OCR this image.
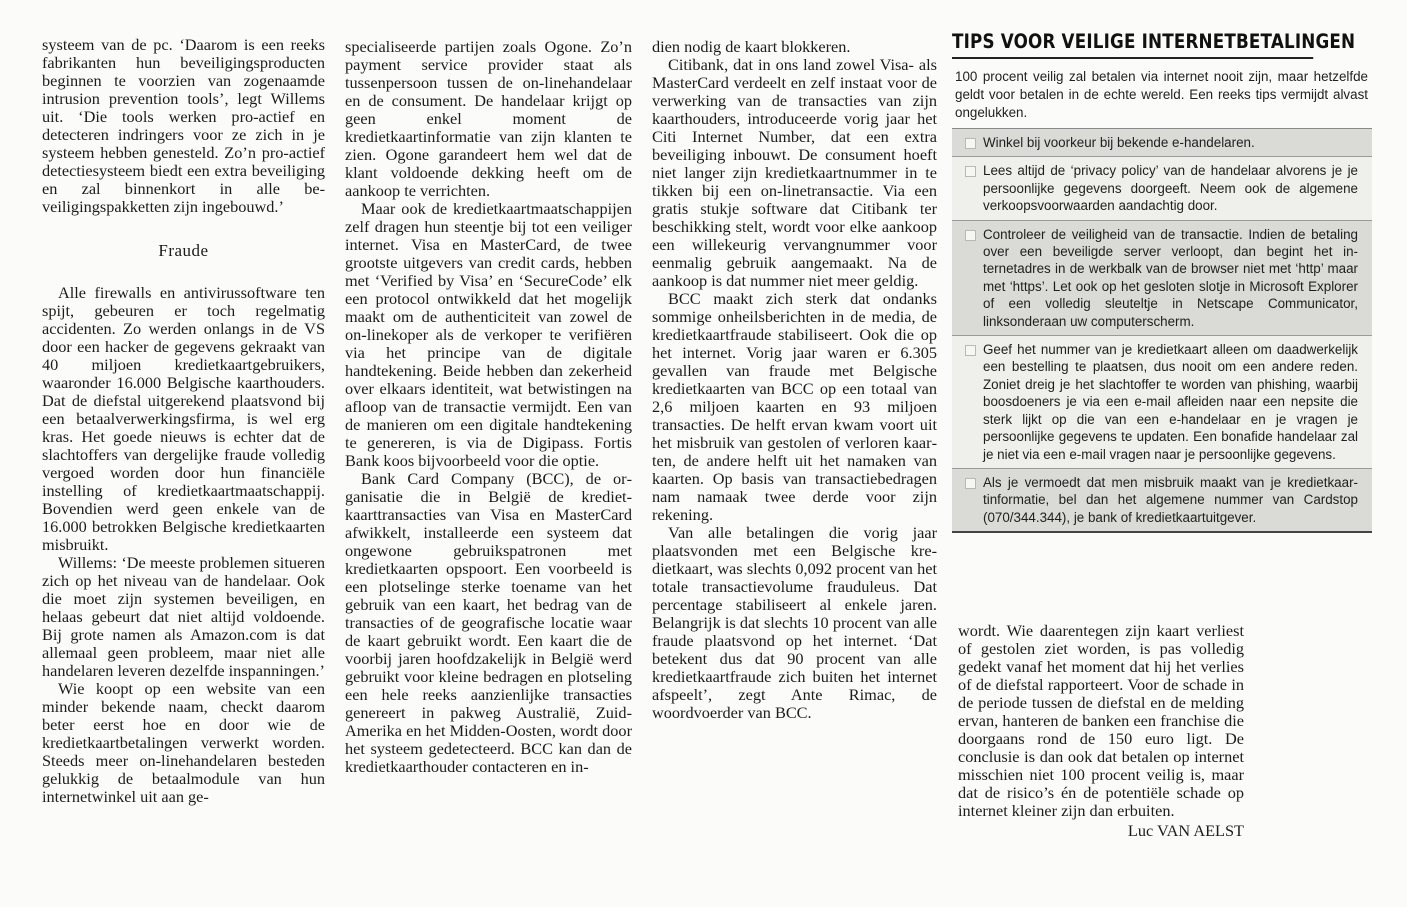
systeem van de pc. ‘Daarom is een reeks fabrikanten hun beveiligingsproducten beginnen te voorzien van zogenaamde intrusion prevention tools’, legt Willems uit. ‘Die tools werken pro-actief en detecteren indringers voor ze zich in je systeem hebben genesteld. Zo’n pro-actief detectiesysteem biedt een extra beveiliging en zal binnenkort in alle beveiligingspakketten zijn ingebouwd.’

Fraude

Alle firewalls en antivirussoftware ten spijt, gebeuren er toch regelmatig accidenten. Zo werden onlangs in de VS door een hacker de gegevens gekraakt van 40 miljoen kredietkaartgebruikers, waaronder 16.000 Belgische kaarthouders. Dat de diefstal uitgerekend plaatsvond bij een betaalverwerkingsfirma, is wel erg kras. Het goede nieuws is echter dat de slachtoffers van dergelijke fraude volledig vergoed worden door hun financiële instelling of kredietkaartmaatschappij. Bovendien werd geen enkele van de 16.000 betrokken Belgische kredietkaarten misbruikt.

Willems: ‘De meeste problemen situeren zich op het niveau van de handelaar. Ook die moet zijn systemen beveiligen, en helaas gebeurt dat niet altijd voldoende. Bij grote namen als Amazon.com is dat allemaal geen probleem, maar niet alle handelaren leveren dezelfde inspanningen.’

Wie koopt op een website van een minder bekende naam, checkt daarom beter eerst hoe en door wie de kredietkaartbetalingen verwerkt worden. Steeds meer on-linehandelaren besteden gelukkig de betaalmodule van hun internetwinkel uit aan ge-

specialiseerde partijen zoals Ogone. Zo’n payment service provider staat als tussenpersoon tussen de on-linehandelaar en de consument. De handelaar krijgt op geen enkel moment de kredietkaartinformatie van zijn klanten te zien. Ogone garandeert hem wel dat de klant voldoende dekking heeft om de aankoop te verrichten.

Maar ook de kredietkaartmaatschappijen zelf dragen hun steentje bij tot een veiliger internet. Visa en MasterCard, de twee grootste uitgevers van credit cards, hebben met ‘Verified by Visa’ en ‘SecureCode’ elk een protocol ontwikkeld dat het mogelijk maakt om de authenticiteit van zowel de on-linekoper als de verkoper te verifiëren via het principe van de digitale handtekening. Beide hebben dan zekerheid over elkaars identiteit, wat betwistingen na afloop van de transactie vermijdt. Een van de manieren om een digitale handtekening te genereren, is via de Digipass. Fortis Bank koos bijvoorbeeld voor die optie.

Bank Card Company (BCC), de organisatie die in België de kredietkaarttransacties van Visa en MasterCard afwikkelt, installeerde een systeem dat ongewone gebruikspatronen met kredietkaarten opspoort. Een voorbeeld is een plotselinge sterke toename van het gebruik van een kaart, het bedrag van de transacties of de geografische locatie waar de kaart gebruikt wordt. Een kaart die de voorbij jaren hoofdzakelijk in België werd gebruikt voor kleine bedragen en plotseling een hele reeks aanzienlijke transacties genereert in pakweg Australië, Zuid-Amerika en het Midden-Oosten, wordt door het systeem gedetecteerd. BCC kan dan de kredietkaarthouder contacteren en in-

dien nodig de kaart blokkeren.

Citibank, dat in ons land zowel Visa- als MasterCard verdeelt en zelf instaat voor de verwerking van de transacties van zijn kaarthouders, introduceerde vorig jaar het Citi Internet Number, dat een extra beveiliging inbouwt. De consument hoeft niet langer zijn kredietkaartnummer in te tikken bij een on-linetransactie. Via een gratis stukje software dat Citibank ter beschikking stelt, wordt voor elke aankoop een willekeurig vervangnummer voor eenmalig gebruik aangemaakt. Na de aankoop is dat nummer niet meer geldig.

BCC maakt zich sterk dat ondanks sommige onheilsberichten in de media, de kredietkaartfraude stabiliseert. Ook die op het internet. Vorig jaar waren er 6.305 gevallen van fraude met Belgische kredietkaarten van BCC op een totaal van 2,6 miljoen kaarten en 93 miljoen transacties. De helft ervan kwam voort uit het misbruik van gestolen of verloren kaarten, de andere helft uit het namaken van kaarten. Op basis van transactiebedragen nam namaak twee derde voor zijn rekening.

Van alle betalingen die vorig jaar plaatsvonden met een Belgische kredietkaart, was slechts 0,092 procent van het totale transactievolume frauduleus. Dat percentage stabiliseert al enkele jaren. Belangrijk is dat slechts 10 procent van alle fraude plaatsvond op het internet. ‘Dat betekent dus dat 90 procent van alle kredietkaartfraude zich buiten het internet afspeelt’, zegt Ante Rimac, de woordvoerder van BCC.

wordt. Wie daarentegen zijn kaart verliest of gestolen ziet worden, is pas volledig gedekt vanaf het moment dat hij het verlies of de diefstal rapporteert. Voor de schade in de periode tussen de diefstal en de melding ervan, hanteren de banken een franchise die doorgaans rond de 150 euro ligt. De conclusie is dan ook dat betalen op internet misschien niet 100 procent veilig is, maar dat de risico’s én de potentiële schade op internet kleiner zijn dan erbuiten.

Luc VAN AELST
TIPS VOOR VEILIGE INTERNETBETALINGEN
100 procent veilig zal betalen via internet nooit zijn, maar hetzelfde geldt voor betalen in de echte wereld. Een reeks tips vermijdt alvast ongelukken.
Winkel bij voorkeur bij bekende e-handelaren.
Lees altijd de ‘privacy policy’ van de handelaar alvorens je je persoonlijke gegevens doorgeeft. Neem ook de algemene verkoopsvoorwaarden aandachtig door.
Controleer de veiligheid van de transactie. Indien de betaling over een beveiligde server verloopt, dan begint het internetadres in de werkbalk van de browser niet met ‘http’ maar met ‘https’. Let ook op het gesloten slotje in Microsoft Explorer of een volledig sleuteltje in Netscape Communicator, linksonderaan uw computerscherm.
Geef het nummer van je kredietkaart alleen om daadwerkelijk een bestelling te plaatsen, dus nooit om een andere reden. Zoniet dreig je het slachtoffer te worden van phishing, waarbij boosdoeners je via een e-mail afleiden naar een nepsite die sterk lijkt op die van een e-handelaar en je vragen je persoonlijke gegevens te updaten. Een bonafide handelaar zal je niet via een e-mail vragen naar je persoonlijke gegevens.
Als je vermoedt dat men misbruik maakt van je kredietkaartinformatie, bel dan het algemene nummer van Cardstop (070/344.344), je bank of kredietkaartuitgever.
